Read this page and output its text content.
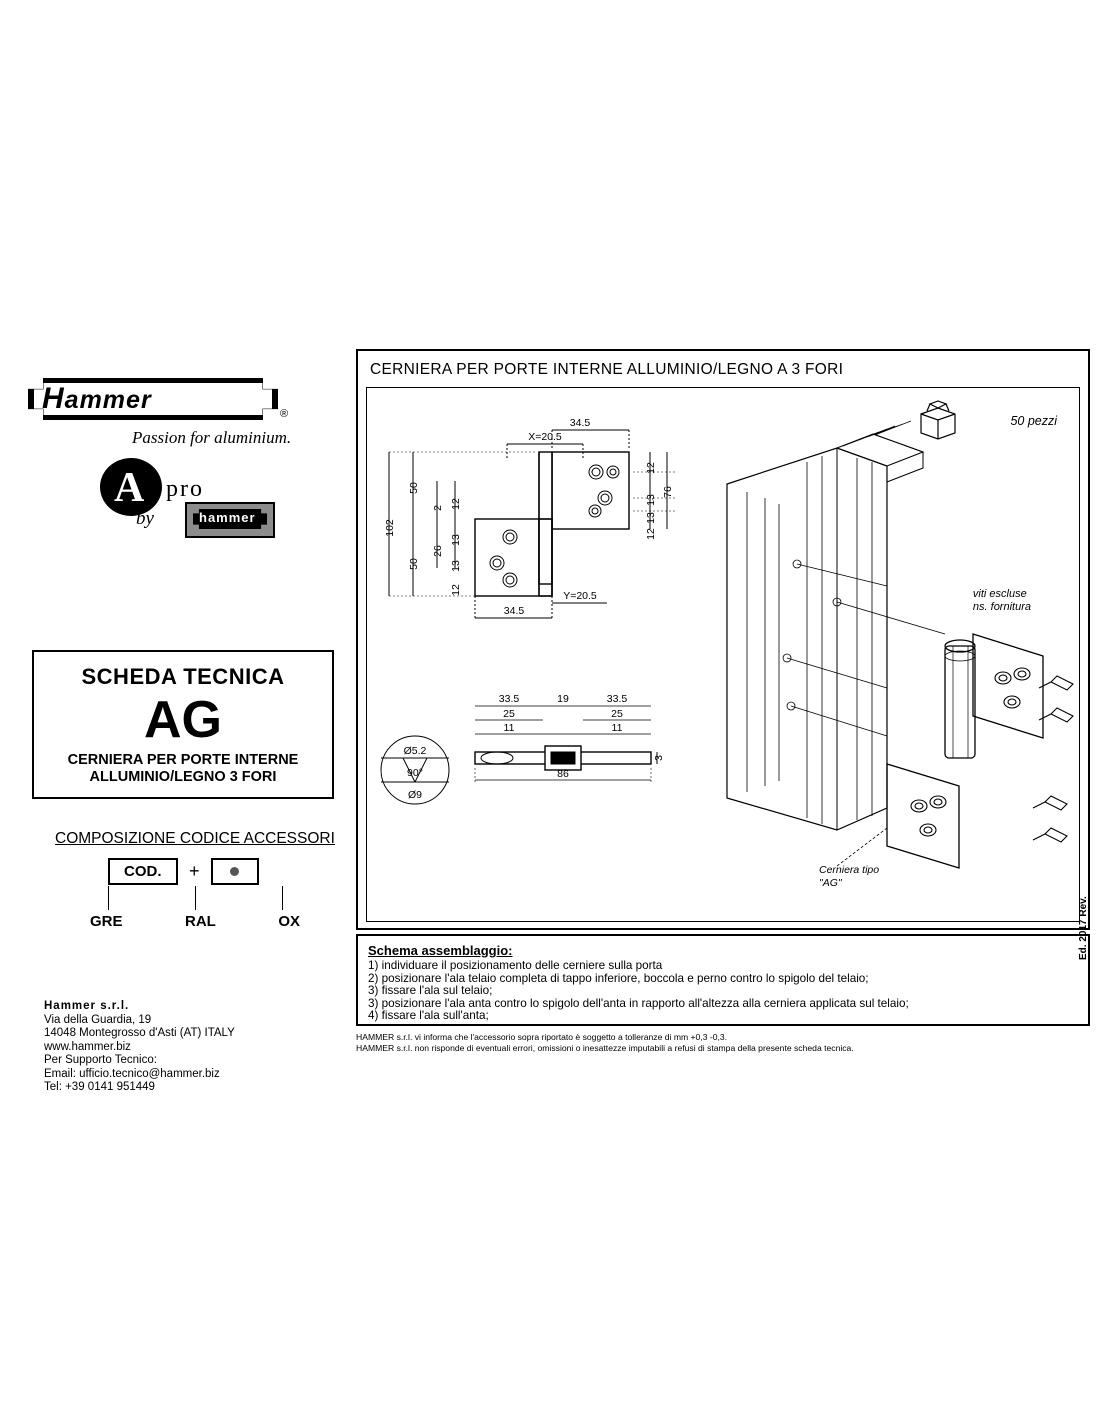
Hammer	®
Passion for aluminium.
A pro
by	hammer
SCHEDA TECNICA
AG
CERNIERA PER PORTE INTERNE
ALLUMINIO/LEGNO 3 FORI
COMPOSIZIONE CODICE ACCESSORI
COD. +
GRE	RAL	OX
Hammer s.r.l.
Via della Guardia, 19
14048 Montegrosso d'Asti (AT) ITALY
www.hammer.biz
Per Supporto Tecnico:
Email: ufficio.tecnico@hammer.biz
Tel: +39 0141 951449
CERNIERA PER PORTE INTERNE ALLUMINIO/LEGNO A 3 FORI
50 pezzi
viti escluse
ns. fornitura
Cerniera tipo
"AG"
34.5
X=20.5
34.5
Y=20.5
102
50
50
2
26
12
13
13
12
12
13
13
76
12
33.5	19	33.5
25	25
11	11
86
3
Ø5.2
90°
Ø9
Schema assemblaggio:
1) individuare il posizionamento delle cerniere sulla porta
2) posizionare l'ala telaio completa di tappo inferiore, boccola e perno contro lo spigolo del telaio;
3) fissare l'ala sul telaio;
3) posizionare l'ala anta contro lo spigolo dell'anta in rapporto all'altezza alla cerniera applicata sul telaio;
4) fissare l'ala sull'anta;
HAMMER s.r.l. vi informa che l'accessorio sopra riportato è soggetto a tolleranze di mm +0,3 -0,3.
HAMMER s.r.l. non risponde di eventuali errori, omissioni o inesattezze imputabili a refusi di stampa della presente scheda tecnica.
Ed. 2017 Rev.
